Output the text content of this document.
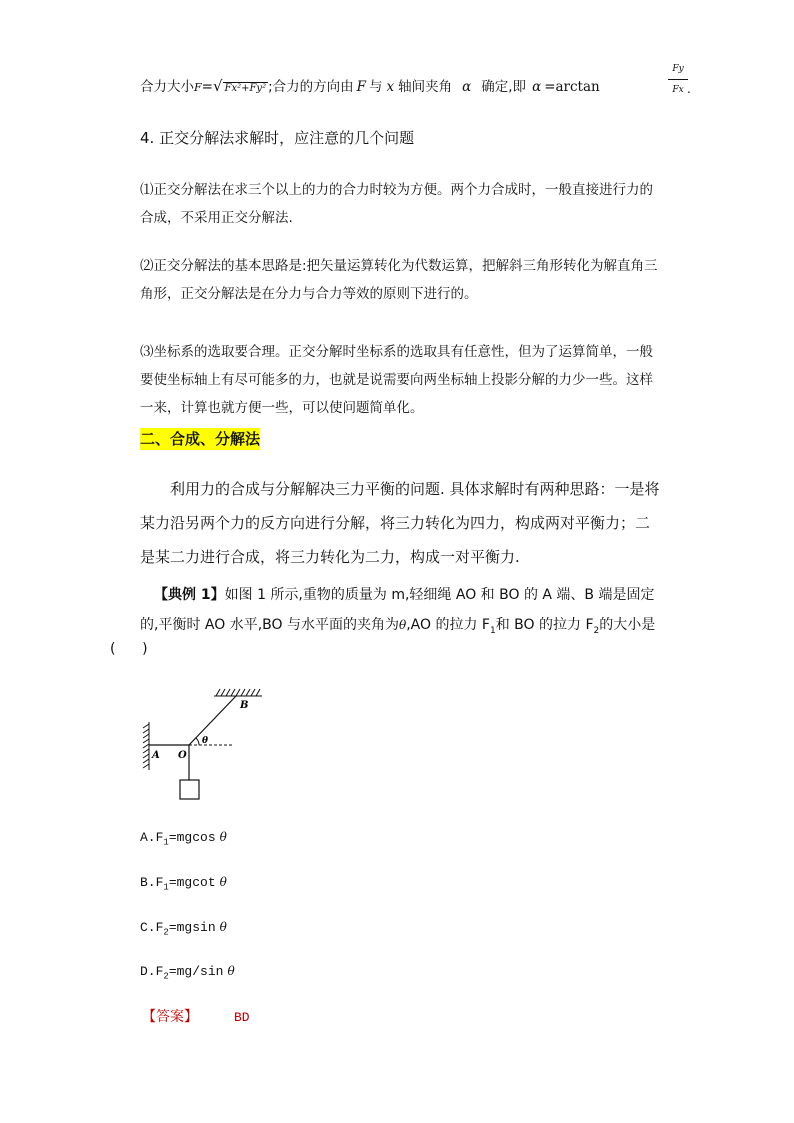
合力大小F=√ Fx²+Fy² ;合力的方向由 F 与 x 轴间夹角 α 确定,即 α =arctan
Fy
Fx .
4. 正交分解法求解时，应注意的几个问题
⑴正交分解法在求三个以上的力的合力时较为方便。两个力合成时，一般直接进行力的合成，不采用正交分解法.
⑵正交分解法的基本思路是:把矢量运算转化为代数运算，把解斜三角形转化为解直角三角形，正交分解法是在分力与合力等效的原则下进行的。
⑶坐标系的选取要合理。正交分解时坐标系的选取具有任意性，但为了运算简单，一般要使坐标轴上有尽可能多的力，也就是说需要向两坐标轴上投影分解的力少一些。这样一来，计算也就方便一些，可以使问题简单化。
二、合成、分解法
利用力的合成与分解解决三力平衡的问题. 具体求解时有两种思路：一是将某力沿另两个力的反方向进行分解，将三力转化为四力，构成两对平衡力；二是某二力进行合成，将三力转化为二力，构成一对平衡力.
【典例 1】如图 1 所示,重物的质量为 m,轻细绳 AO 和 BO 的 A 端、B 端是固定的,平衡时 AO 水平,BO 与水平面的夹角为θ,AO 的拉力 $F_1$和 BO 的拉力 $F_2$的大小是
(      )
B
A O
θ
$A.F_1=mgcos$ θ
$B.F_1=mgcot$ θ
$C.F_2=mgsin$ θ
$D.F_2=mg/\sin$ θ
【答案】	BD
